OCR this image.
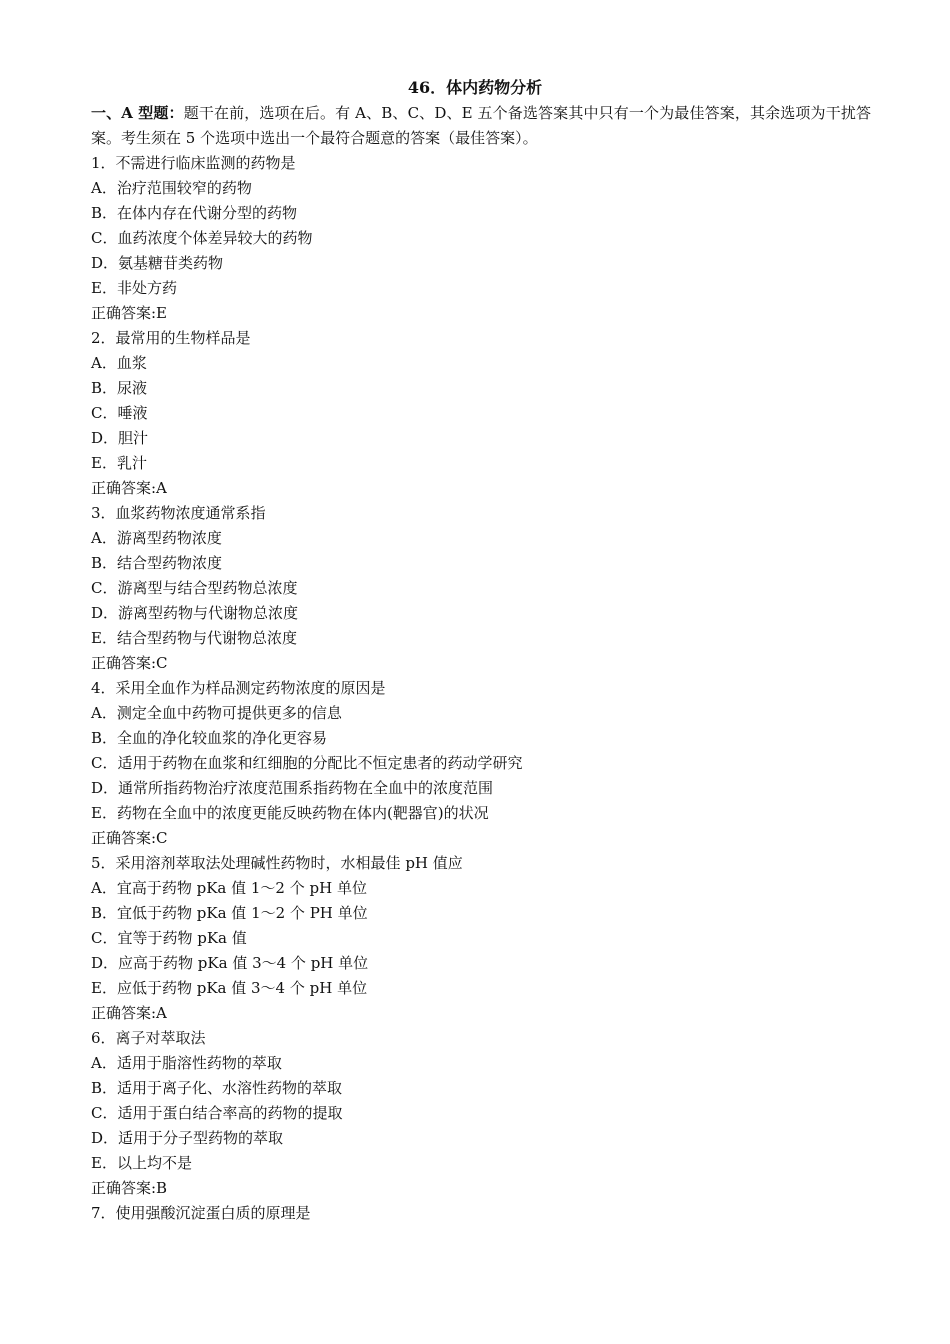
46．体内药物分析

一、A 型题：题干在前，选项在后。有 A、B、C、D、E 五个备选答案其中只有一个为最佳答案，其余选项为干扰答案。考生须在 5 个选项中选出一个最符合题意的答案（最佳答案）。

1．不需进行临床监测的药物是
A．治疗范围较窄的药物
B．在体内存在代谢分型的药物
C．血药浓度个体差异较大的药物
D．氨基糖苷类药物
E．非处方药
正确答案:E
2．最常用的生物样品是
A．血浆
B．尿液
C．唾液
D．胆汁
E．乳汁
正确答案:A
3．血浆药物浓度通常系指
A．游离型药物浓度
B．结合型药物浓度
C．游离型与结合型药物总浓度
D．游离型药物与代谢物总浓度
E．结合型药物与代谢物总浓度
正确答案:C
4．采用全血作为样品测定药物浓度的原因是
A．测定全血中药物可提供更多的信息
B．全血的净化较血浆的净化更容易
C．适用于药物在血浆和红细胞的分配比不恒定患者的药动学研究
D．通常所指药物治疗浓度范围系指药物在全血中的浓度范围
E．药物在全血中的浓度更能反映药物在体内(靶器官)的状况
正确答案:C
5．采用溶剂萃取法处理碱性药物时，水相最佳 pH 值应
A．宜高于药物 pKa 值 1～2 个 pH 单位
B．宜低于药物 pKa 值 1～2 个 PH 单位
C．宜等于药物 pKa 值
D．应高于药物 pKa 值 3～4 个 pH 单位
E．应低于药物 pKa 值 3～4 个 pH 单位
正确答案:A
6．离子对萃取法
A．适用于脂溶性药物的萃取
B．适用于离子化、水溶性药物的萃取
C．适用于蛋白结合率高的药物的提取
D．适用于分子型药物的萃取
E．以上均不是
正确答案:B
7．使用强酸沉淀蛋白质的原理是
